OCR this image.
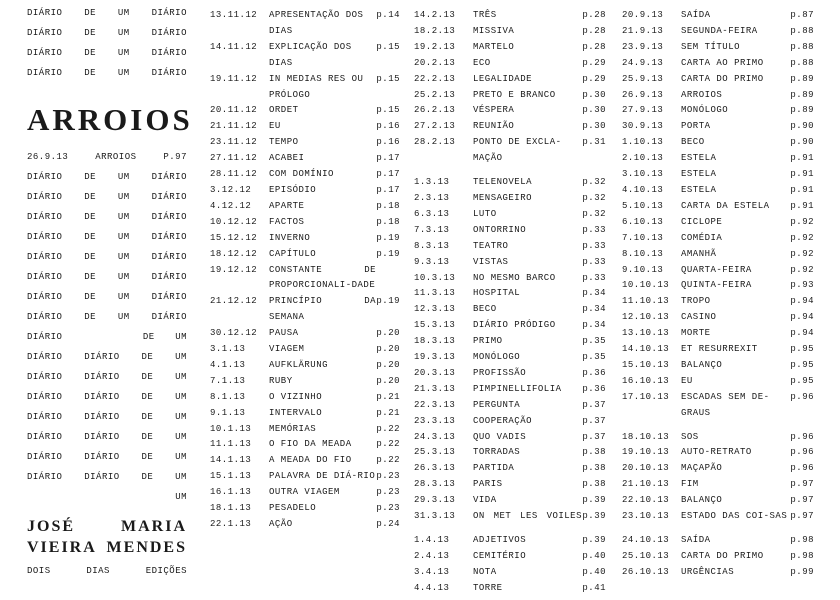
DIÁRIO DE UM DIÁRIO
DIÁRIO DE UM DIÁRIO
DIÁRIO DE UM DIÁRIO
DIÁRIO DE UM DIÁRIO
ARROIOS
26.9.13	ARROIOS	P.97
DIÁRIO DE UM DIÁRIO
DIÁRIO DE UM DIÁRIO
DIÁRIO DE UM DIÁRIO
DIÁRIO DE UM DIÁRIO
DIÁRIO DE UM DIÁRIO
DIÁRIO DE UM DIÁRIO
DIÁRIO DE UM DIÁRIO
DIÁRIO DE UM DIÁRIO
DIÁRIO	DE UM
DIÁRIO DIÁRIO DE UM
DIÁRIO DIÁRIO DE UM
DIÁRIO DIÁRIO DE UM
DIÁRIO DIÁRIO DE UM
DIÁRIO DIÁRIO DE UM
DIÁRIO DIÁRIO DE UM
DIÁRIO DIÁRIO DE UM
UM
JOSÉ	MARIA
VIEIRA MENDES
DOIS	DIAS	EDIÇÕES
13.11.12	APRESENTAÇÃO DOS DIAS
p.14
14.11.12	EXPLICAÇÃO DOS DIAS
p.15
19.11.12	IN MEDIAS RES OU PRÓLOGO
p.15
20.11.12	ORDET	p.15
21.11.12	EU	p.16
23.11.12	TEMPO	p.16
27.11.12	ACABEI	p.17
28.11.12	COM DOMÍNIO	p.17
3.12.12	EPISÓDIO	p.17
4.12.12	APARTE	p.18
10.12.12	FACTOS	p.18
15.12.12	INVERNO	p.19
18.12.12	CAPÍTULO	p.19
19.12.12	CONSTANTE DE PROPORCIONALI-DADE
21.12.12	PRINCÍPIO DA SEMANA
p.19
30.12.12	PAUSA	p.20
3.1.13	VIAGEM	p.20
4.1.13	AUFKLÄRUNG	p.20
7.1.13	RUBY	p.20
8.1.13	O VIZINHO	p.21
9.1.13	INTERVALO	p.21
10.1.13	MEMÓRIAS	p.22
11.1.13	O FIO DA MEADA	p.22
14.1.13	A MEADA DO FIO	p.22
15.1.13	PALAVRA DE DIÁ-RIO p.23
16.1.13	OUTRA VIAGEM	p.23
18.1.13	PESADELO	p.23
22.1.13	AÇÃO	p.24
14.2.13	TRÊS	p.28
18.2.13	MISSIVA	p.28
19.2.13	MARTELO	p.28
20.2.13	ECO	p.29
22.2.13	LEGALIDADE	p.29
25.2.13	PRETO E BRANCO	p.30
26.2.13	VÉSPERA	p.30
27.2.13	REUNIÃO	p.30
28.2.13	PONTO DE EXCLA-MAÇÃO
p.31
1.3.13	TELENOVELA	p.32
2.3.13	MENSAGEIRO	p.32
6.3.13	LUTO	p.32
7.3.13	ONTORRINO	p.33
8.3.13	TEATRO	p.33
9.3.13	VISTAS	p.33
10.3.13	NO MESMO BARCO	p.33
11.3.13	HOSPITAL	p.34
12.3.13	BECO	p.34
15.3.13	DIÁRIO PRÓDIGO	p.34
18.3.13	PRIMO	p.35
19.3.13	MONÓLOGO	p.35
20.3.13	PROFISSÃO	p.36
21.3.13	PIMPINELLIFOLIA	p.36
22.3.13	PERGUNTA	p.37
23.3.13	COOPERAÇÃO	p.37
24.3.13	QUO VADIS	p.37
25.3.13	TORRADAS	p.38
26.3.13	PARTIDA	p.38
28.3.13	PARIS	p.38
29.3.13	VIDA	p.39
31.3.13	ON MET LES VOILES p.39
1.4.13	ADJETIVOS	p.39
2.4.13	CEMITÉRIO	p.40
3.4.13	NOTA	p.40
4.4.13	TORRE	p.41
20.9.13	SAÍDA	p.87
21.9.13	SEGUNDA-FEIRA	p.88
23.9.13	SEM TÍTULO	p.88
24.9.13	CARTA AO PRIMO	p.88
25.9.13	CARTA DO PRIMO	p.89
26.9.13	ARROIOS	p.89
27.9.13	MONÓLOGO	p.89
30.9.13	PORTA	p.90
1.10.13	BECO	p.90
2.10.13	ESTELA	p.91
3.10.13	ESTELA	p.91
4.10.13	ESTELA	p.91
5.10.13	CARTA DA ESTELA	p.91
6.10.13	CICLOPE	p.92
7.10.13	COMÉDIA	p.92
8.10.13	AMANHÃ	p.92
9.10.13	QUARTA-FEIRA	p.92
10.10.13	QUINTA-FEIRA	p.93
11.10.13	TROPO	p.94
12.10.13	CASINO	p.94
13.10.13	MORTE	p.94
14.10.13	ET RESURREXIT	p.95
15.10.13	BALANÇO	p.95
16.10.13	EU	p.95
17.10.13	ESCADAS SEM DE-GRAUS
p.96
18.10.13	SOS	p.96
19.10.13	AUTO-RETRATO	p.96
20.10.13	MAÇAPÃO	p.96
21.10.13	FIM	p.97
22.10.13	BALANÇO	p.97
23.10.13	ESTADO DAS COI-SAS p.97
24.10.13	SAÍDA	p.98
25.10.13	CARTA DO PRIMO	p.98
26.10.13	URGÊNCIAS	p.99
